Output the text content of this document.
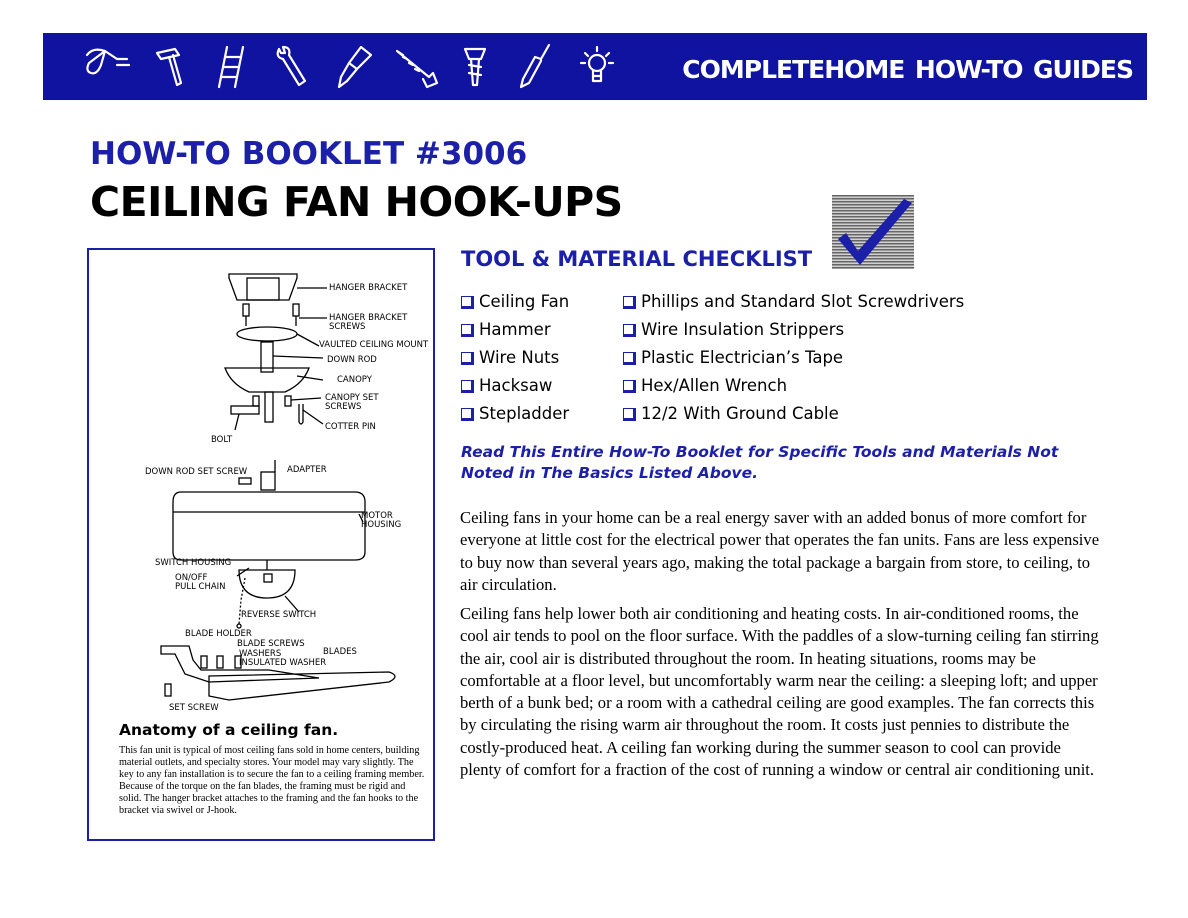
COMPLETEHOME HOW-TO GUIDES
HOW-TO BOOKLET #3006
CEILING FAN HOOK-UPS
TOOL & MATERIAL CHECKLIST
Ceiling Fan
Hammer
Wire Nuts
Hacksaw
Stepladder
Phillips and Standard Slot Screwdrivers
Wire Insulation Strippers
Plastic Electrician’s Tape
Hex/Allen Wrench
12/2 With Ground Cable
Read This Entire How-To Booklet for Specific Tools and Materials Not Noted in The Basics Listed Above.

Ceiling fans in your home can be a real energy saver with an added bonus of more comfort for everyone at little cost for the electrical power that operates the fan units. Fans are less expensive to buy now than several years ago, making the total package a bargain from store, to ceiling, to air circulation.

Ceiling fans help lower both air conditioning and heating costs. In air-conditioned rooms, the cool air tends to pool on the floor surface. With the paddles of a slow-turning ceiling fan stirring the air, cool air is distributed throughout the room. In heating situations, rooms may be comfortable at a floor level, but uncomfortably warm near the ceiling: a sleeping loft; and upper berth of a bunk bed; or a room with a cathedral ceiling are good examples. The fan corrects this by circulating the rising warm air throughout the room. It costs just pennies to distribute the costly-produced heat. A ceiling fan working during the summer season to cool can provide plenty of comfort for a fraction of the cost of running a window or central air conditioning unit.

HANGER BRACKET
HANGER BRACKET
SCREWS
VAULTED CEILING MOUNT
DOWN ROD
CANOPY
CANOPY SET
SCREWS
COTTER PIN
BOLT
DOWN ROD SET SCREW	ADAPTER
MOTOR
HOUSING
SWITCH HOUSING
ON/OFF
PULL CHAIN
REVERSE SWITCH
BLADE HOLDER
BLADE SCREWS
WASHERS
INSULATED WASHER
BLADES
SET SCREW
Anatomy of a ceiling fan.
This fan unit is typical of most ceiling fans sold in home centers, building material outlets, and specialty stores. Your model may vary slightly. The key to any fan installation is to secure the fan to a ceiling framing member. Because of the torque on the fan blades, the framing must be rigid and solid. The hanger bracket attaches to the framing and the fan hooks to the bracket via swivel or J-hook.
